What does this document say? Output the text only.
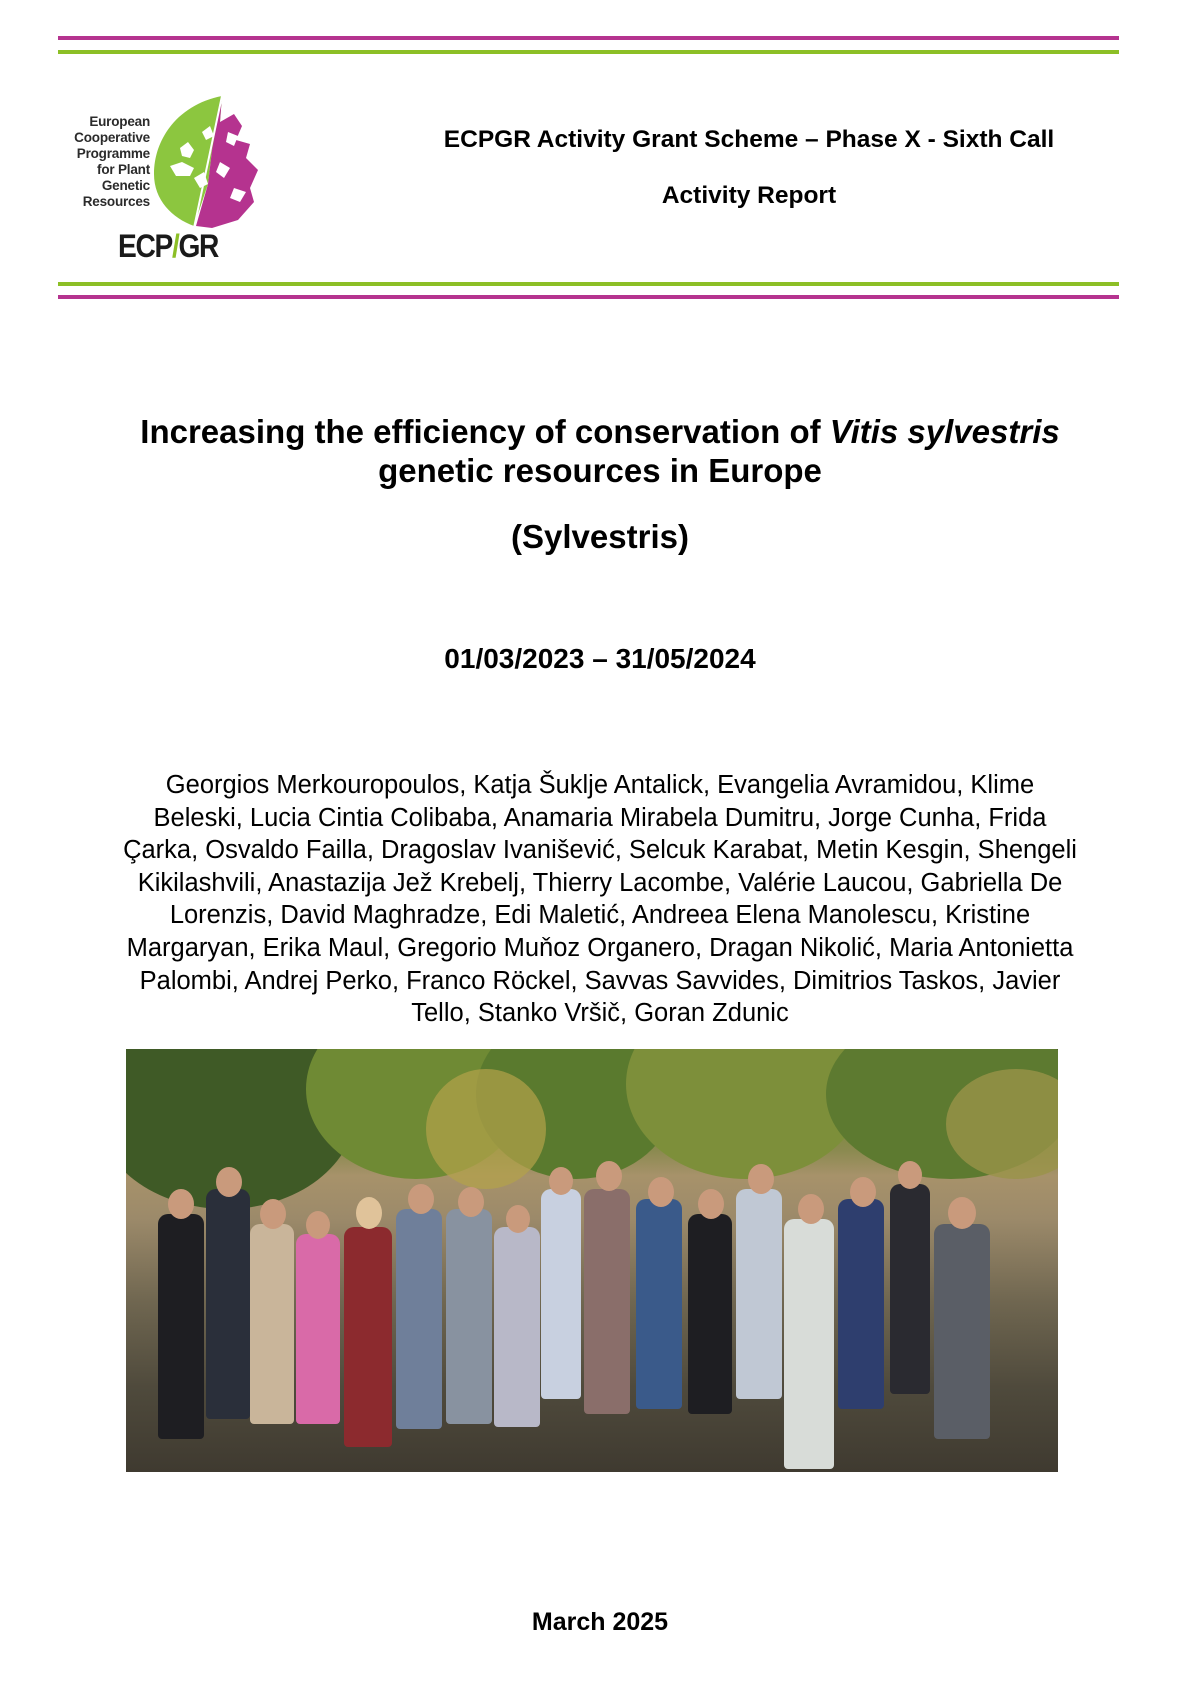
European
Cooperative
Programme
for Plant
Genetic
Resources
ECP/GR
ECPGR Activity Grant Scheme – Phase X - Sixth Call
Activity Report
Increasing the efficiency of conservation of Vitis sylvestris
genetic resources in Europe
(Sylvestris)
01/03/2023 – 31/05/2024
Georgios Merkouropoulos, Katja Šuklje Antalick, Evangelia Avramidou, Klime
Beleski, Lucia Cintia Colibaba, Anamaria Mirabela Dumitru, Jorge Cunha, Frida
Çarka, Osvaldo Failla, Dragoslav Ivanišević, Selcuk Karabat, Metin Kesgin, Shengeli
Kikilashvili, Anastazija Jež Krebelj, Thierry Lacombe, Valérie Laucou, Gabriella De
Lorenzis, David Maghradze, Edi Maletić, Andreea Elena Manolescu, Kristine
Margaryan, Erika Maul, Gregorio Muňoz Organero, Dragan Nikolić, Maria Antonietta
Palombi, Andrej Perko, Franco Röckel, Savvas Savvides, Dimitrios Taskos, Javier
Tello, Stanko Vršič, Goran Zdunic
March 2025
